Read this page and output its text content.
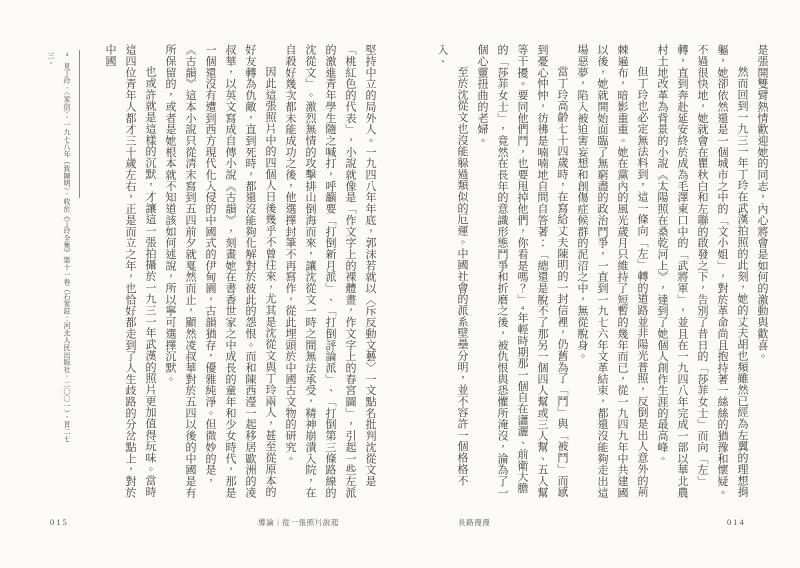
是張開雙臂熱情歡迎她的同志，內心將會是如何的激動與歡喜。

然而回到一九三一年丁玲在武漢拍照的此刻，她的丈夫胡也頻雖然已經為左翼的理想捐軀，她卻依然還是一個城市之中的「文小姐」，對於革命尚且抱持著一絲絲的猶豫和懷疑。不過很快地，她就會在瞿秋白和左聯的啟發之下，告別了昔日的「莎菲女士」而向「左」轉，直到奔赴延安終於成為毛澤東口中的「武將軍」，並且在一九四八年完成一部以華北農村土地改革為背景的小說《太陽照在桑乾河上》，達到了她個人創作生涯的最高峰。

但丁玲也必定無法料到，這一條向「左」轉的道路並非陽光普照，反倒是出人意外的荊棘遍布，暗影重重。她在黨內的風光歲月只維持了短暫的幾年而已，從一九四九年中共建國以後，她就開始面臨了無窮盡的政治鬥爭，一直到一九七六年文革結束，都還沒能夠走出這場惡夢，陷入被迫害妄想和創傷症候群的泥沼之中，無從脫身。

當丁玲高齡七十四歲時，在寫給丈夫陳明的一封信裡，仍舊為了「鬥」與「被鬥」而感到憂心忡忡，彷彿是喃喃地自問自答著：「總還是脫不了那另一個四人幫或三人幫、五人幫等干擾。要同他們鬥，也要甩掉他們，你看是嗎？」4年輕時期那一個自在瀟灑、前衛大膽的「莎菲女士」，竟然在長年的意識形態鬥爭和折磨之後，被仇恨與恐懼所淹沒，淪為了一個心靈扭曲的老婦。

至於沈從文也沒能躲過類似的厄運。中國社會的派系壁壘分明，並不容許一個格格不入、

長路漫漫	014

堅持中立的局外人。一九四八年年底，郭沫若就以〈斥反動文藝〉一文點名批判沈從文是「桃紅色的代表」，小說就像是「作文字上的裸體畫，作文字上的春宮圖」，引起一些左派的激進青年學生隨之喊打，呼籲要「打倒新月派」、「打倒評論派」、「打倒第三條路線的沈從文」。激烈無情的攻擊排山倒海而來，讓沈從文一時之間無法承受，精神崩潰入院，在自殺好幾次都未能成功之後，他選擇封筆不再寫作，從此埋頭於中國古文物的研究。

因此這張照片中的四個人日後幾乎不曾往來，尤其是沈從文與丁玲兩人，甚至從原本的好友轉為仇敵，直到死時，都還沒能夠化解對於彼此的怨恨。而和陳西瀅一起移居歐洲的凌叔華，以英文寫成自傳小說《古韻》，刻畫她在書香世家之中成長的童年和少女時代，那是一個還沒有遭到西方現代化入侵的中國式的伊甸園，古韻猶存，優雅純淨。但微妙的是，《古韻》這本小說只從清末寫到五四前夕就戛然而止，顯然凌叔華對於五四以後的中國是有所保留的，或者是她根本就不知道該如何述說，所以寧可選擇沉默。

也或許就是這樣的沉默，才讓這一張拍攝於一九三一年武漢的照片更加值得玩味。當時這四位青年人都才三十歲左右，正是而立之年，也恰好都走到了人生歧路的分岔點上，對於中國

4見丁玲，〈家信〉，一九七八年（致陳明），收於《丁玲全集》第十一卷（石家莊：河北人民出版社，二〇〇一），頁二七三。
015	導論｜從一張照片說起
